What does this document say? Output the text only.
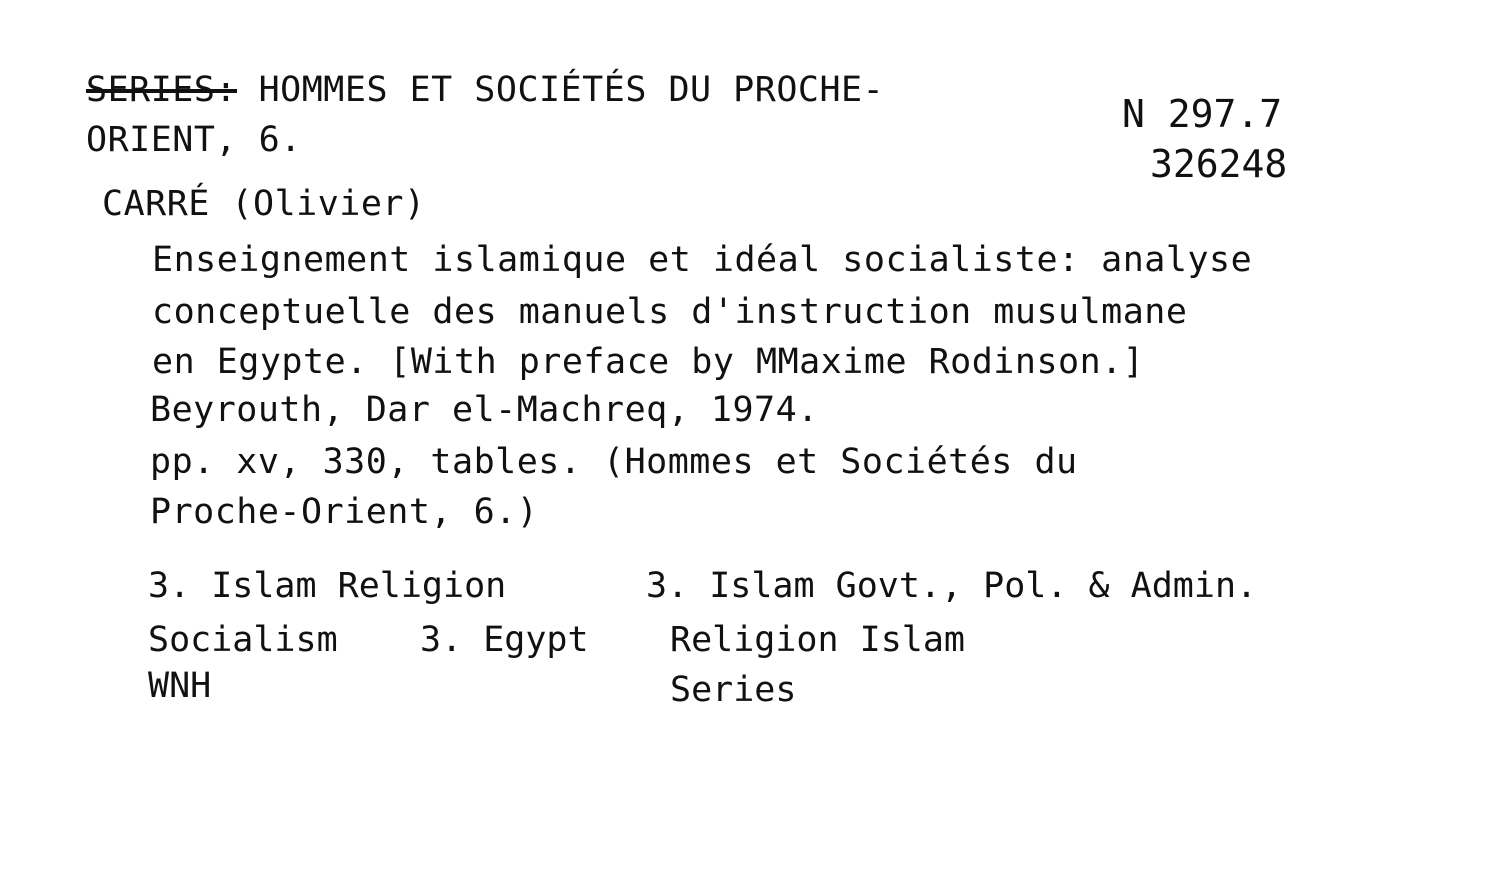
SERIES: HOMMES ET SOCIÉTÉS DU PROCHE-
ORIENT, 6.
N 297.7
326248
CARRÉ (Olivier)
Enseignement islamique et idéal socialiste: analyse
conceptuelle des manuels d'instruction musulmane
en Egypte. [With preface by MMaxime Rodinson.]
Beyrouth, Dar el-Machreq, 1974.
pp. xv, 330, tables. (Hommes et Sociétés du
Proche-Orient, 6.)
3. Islam Religion	3. Islam Govt., Pol. & Admin.
Socialism 3. Egypt Religion Islam
WNH	Series
